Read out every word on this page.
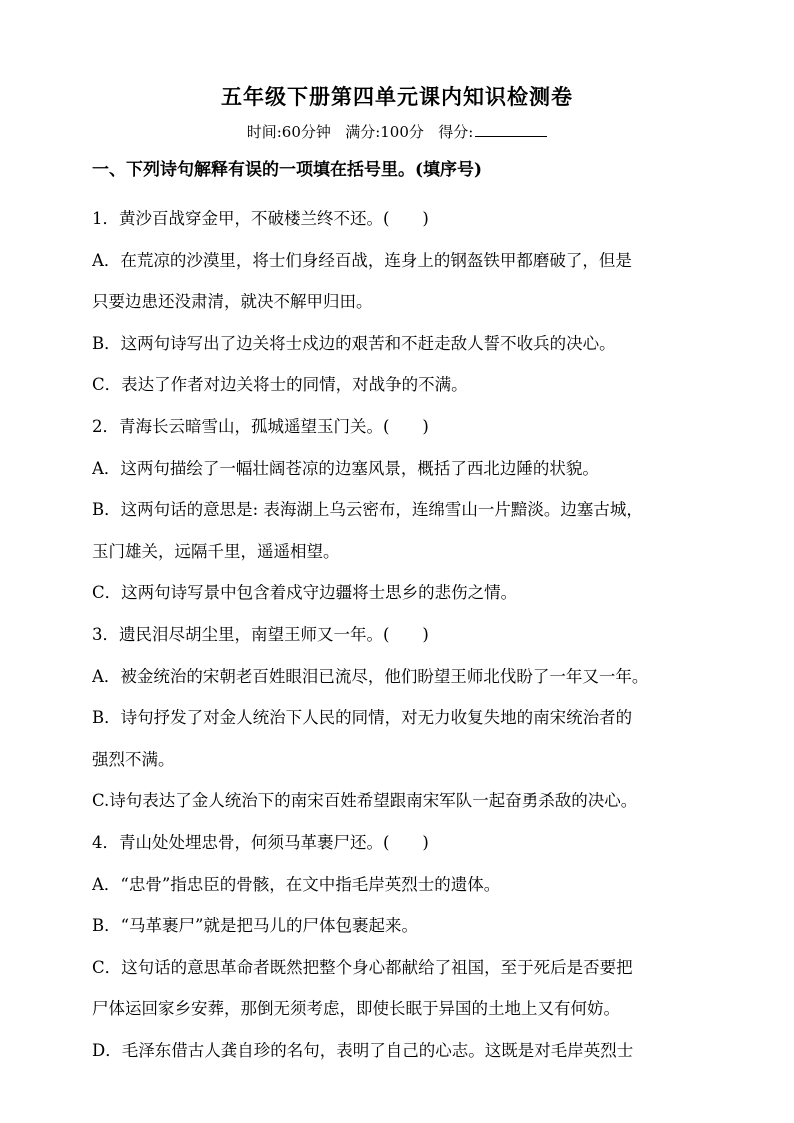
五年级下册第四单元课内知识检测卷
时间:60分钟 满分:100分 得分:
一、下列诗句解释有误的一项填在括号里。(填序号)
1．黄沙百战穿金甲，不破楼兰终不还。(　　)
A．在荒凉的沙漠里，将士们身经百战，连身上的钢盔铁甲都磨破了，但是
只要边患还没肃清，就决不解甲归田。
B．这两句诗写出了边关将士戍边的艰苦和不赶走敌人誓不收兵的决心。
C．表达了作者对边关将士的同情，对战争的不满。
2．青海长云暗雪山，孤城遥望玉门关。(　　)
A．这两句描绘了一幅壮阔苍凉的边塞风景，概括了西北边陲的状貌。
B．这两句话的意思是: 表海湖上乌云密布，连绵雪山一片黯淡。边塞古城，
玉门雄关，远隔千里，遥遥相望。
C．这两句诗写景中包含着戍守边疆将士思乡的悲伤之情。
3．遗民泪尽胡尘里，南望王师又一年。(　　)
A．被金统治的宋朝老百姓眼泪已流尽，他们盼望王师北伐盼了一年又一年。
B．诗句抒发了对金人统治下人民的同情，对无力收复失地的南宋统治者的
强烈不满。
C.诗句表达了金人统治下的南宋百姓希望跟南宋军队一起奋勇杀敌的决心。
4．青山处处埋忠骨，何须马革裹尸还。(　　)
A．“忠骨”指忠臣的骨骸，在文中指毛岸英烈士的遗体。
B．“马革裹尸”就是把马儿的尸体包裹起来。
C．这句话的意思革命者既然把整个身心都献给了祖国，至于死后是否要把
尸体运回家乡安葬，那倒无须考虑，即使长眠于异国的土地上又有何妨。
D．毛泽东借古人龚自珍的名句，表明了自己的心志。这既是对毛岸英烈士
